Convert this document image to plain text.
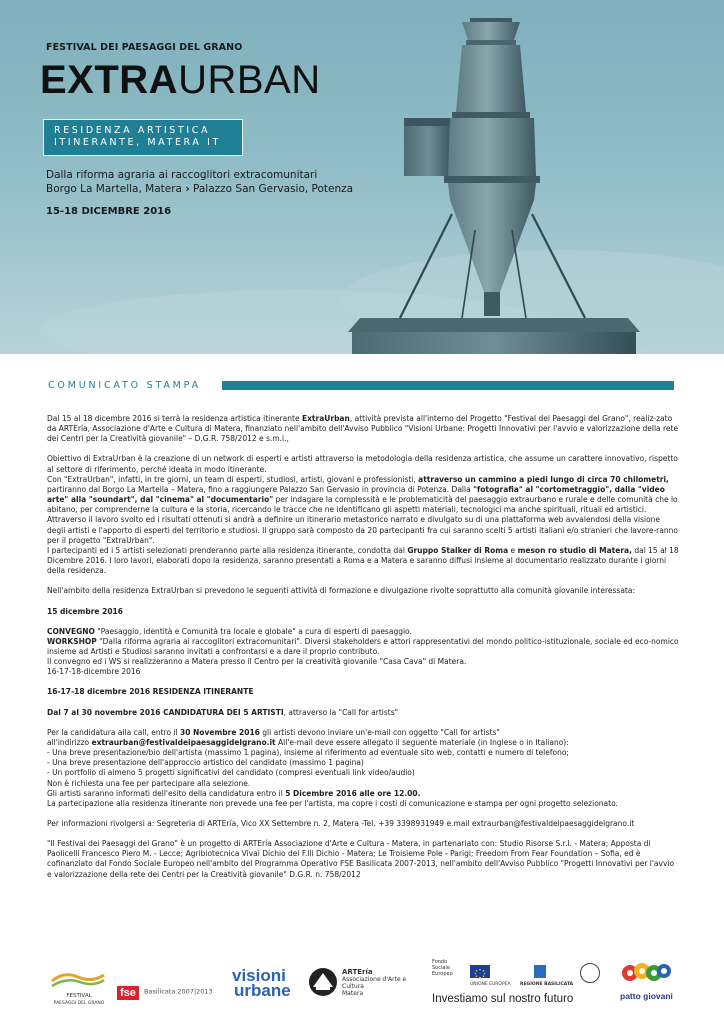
FESTIVAL DEI PAESAGGI DEL GRANO
EXTRAURBAN
RESIDENZA ARTISTICA
ITINERANTE, MATERA IT
Dalla riforma agraria ai raccoglitori extracomunitari
Borgo La Martella, Matera › Palazzo San Gervasio, Potenza
15-18 DICEMBRE 2016
COMUNICATO STAMPA

Dal 15 al 18 dicembre 2016 si terrà la residenza artistica itinerante ExtraUrban, attività prevista all'interno del Progetto "Festival dei Paesaggi del Grano", realiz-zato da ARTEría, Associazione d'Arte e Cultura di Matera, finanziato nell'ambito dell'Avviso Pubblico "Visioni Urbane: Progetti Innovativi per l'avvio e valorizzazione della rete dei Centri per la Creatività giovanile" – D.G.R. 758/2012 e s.m.i.,

Obiettivo di ExtraUrban è la creazione di un network di esperti e artisti attraverso la metodologia della residenza artistica, che assume un carattere innovativo, rispetto al settore di riferimento, perché ideata in modo itinerante.

Con "ExtraUrban", infatti, in tre giorni, un team di esperti, studiosi, artisti, giovani e professionisti, attraverso un cammino a piedi lungo di circa 70 chilometri, partiranno dal Borgo La Martella – Matera, fino a raggiungere Palazzo San Gervasio in provincia di Potenza. Dalla "fotografia" al "cortometraggio", dalla "video arte" alla "soundart", dal "cinema" al "documentario" per indagare la complessità e le problematicità del paesaggio extraurbano e rurale e delle comunità che lo abitano, per comprenderne la cultura e la storia, ricercando le tracce che ne identificano gli aspetti materiali, tecnologici ma anche spirituali, rituali ed artistici.

Attraverso il lavoro svolto ed i risultati ottenuti si andrà a definire un itinerario metastorico narrato e divulgato su di una piattaforma web avvalendosi della visione degli artisti e l'apporto di esperti del territorio e studiosi. Il gruppo sarà composto da 20 partecipanti fra cui saranno scelti 5 artisti italiani e/o stranieri che lavore-ranno per il progetto "ExtraUrban".

I partecipanti ed i 5 artisti selezionati prenderanno parte alla residenza itinerante, condotta dal Gruppo Stalker di Roma e meson ro studio di Matera, dal 15 al 18 Dicembre 2016. I loro lavori, elaborati dopo la residenza, saranno presentati a Roma e a Matera e saranno diffusi insieme al documentario realizzato durante i giorni della residenza.

Nell'ambito della residenza ExtraUrban si prevedono le seguenti attività di formazione e divulgazione rivolte soprattutto alla comunità giovanile interessata:

15 dicembre 2016

CONVEGNO "Paesaggio, identità e Comunità tra locale e globale" a cura di esperti di paesaggio.

WORKSHOP "Dalla riforma agraria ai raccoglitori extracomunitari". Diversi stakeholders e attori rappresentativi del mondo politico-istituzionale, sociale ed eco-nomico insieme ad Artisti e Studiosi saranno invitati a confrontarsi e a dare il proprio contributo.

Il convegno ed i WS si realizzeranno a Matera presso il Centro per la creatività giovanile "Casa Cava" di Matera.

16-17-18-dicembre 2016

16-17-18 dicembre 2016 RESIDENZA ITINERANTE

Dal 7 al 30 novembre 2016 CANDIDATURA DEI 5 ARTISTI, attraverso la "Call for artists"

Per la candidatura alla call, entro il 30 Novembre 2016 gli artisti devono inviare un'e-mail con oggetto "Call for artists"

all'indirizzo extraurban@festivaldeipaesaggidelgrano.it All'e-mail deve essere allegato il seguente materiale (in Inglese o in Italiano):

- Una breve presentazione/bio dell'artista (massimo 1 pagina), insieme al riferimento ad eventuale sito web, contatti e numero di telefono;

- Una breve presentazione dell'approccio artistico del candidato (massimo 1 pagina)

- Un portfolio di almeno 5 progetti significativi del candidato (compresi eventuali link video/audio)

Non è richiesta una fee per partecipare alla selezione.

Gli artisti saranno informati dell'esito della candidatura entro il 5 Dicembre 2016 alle ore 12.00.

La partecipazione alla residenza itinerante non prevede una fee per l'artista, ma copre i costi di comunicazione e stampa per ogni progetto selezionato.

Per informazioni rivolgersi a: Segreteria di ARTEría, Vico XX Settembre n. 2, Matera -Tel. +39 3398931949 e.mail extraurban@festivaldeipaesaggidelgrano.it

"Il Festival dei Paesaggi del Grano" è un progetto di ARTEría Associazione d'Arte e Cultura - Matera, in partenariato con: Studio Risorse S.r.l. - Matera; Apposta di Paolicelli Francesco Piero M. - Lecce; Agribiotecnica Vivai Dichio dei F.lli Dichio - Matera; Le Troisieme Pole - Parigi; Freedom From Fear Foundation – Sofia, ed è cofinanziato dal Fondo Sociale Europeo nell'ambito del Programma Operativo FSE Basilicata 2007-2013, nell'ambito dell'Avviso Pubblico "Progetti Innovativi per l'avvio e valorizzazione della rete dei Centri per la Creatività giovanile" D.G.R. n. 758/2012

FESTIVAL
PAESAGGI DEL GRANO
fse Basilicata 2007|2013
visioni
urbane
ARTEría
Associazione d'Arte e Cultura
Matera
Fondo
Sociale
Europeo
UNIONE EUROPEA REGIONE BASILICATA
Investiamo sul nostro futuro	patto giovani
